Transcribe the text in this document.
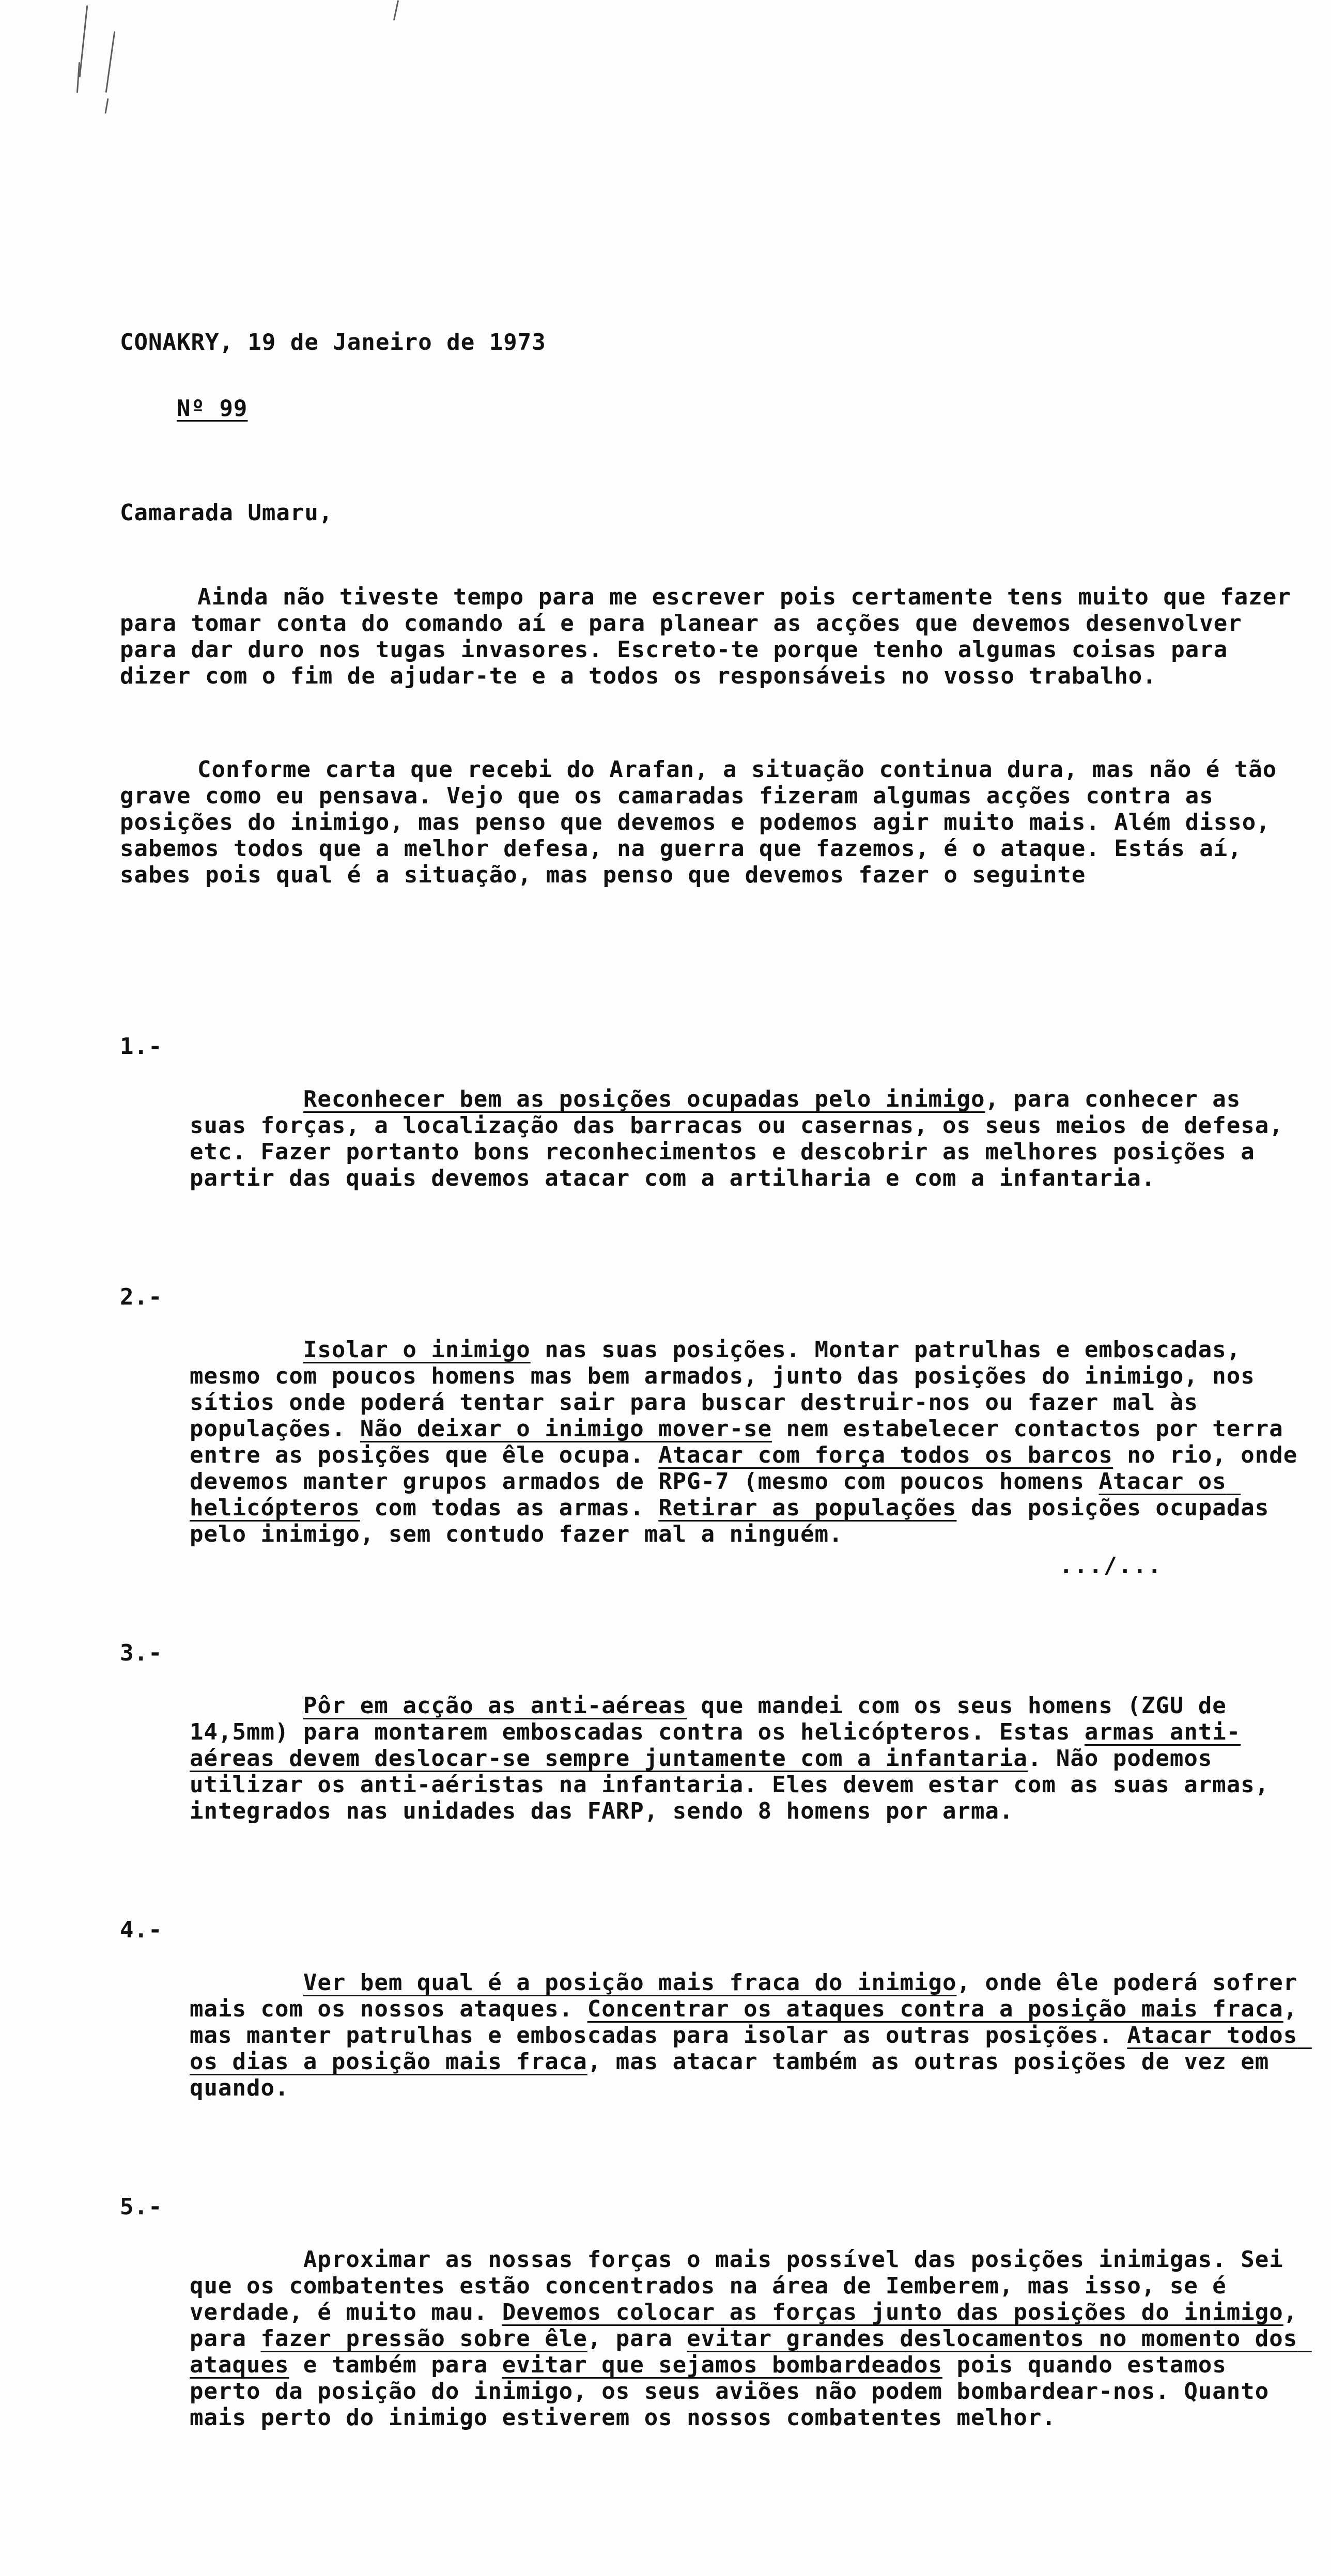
CONAKRY, 19 de Janeiro de 1973

Nº 99

Camarada Umaru,

Ainda não tiveste tempo para me escrever pois certamente tens muito que fazer para tomar conta do comando aí e para planear as acções que devemos desenvolver para dar duro nos tugas invasores. Escreto-te porque tenho algumas coisas para dizer com o fim de ajudar-te e a todos os responsáveis no vosso trabalho.

Conforme carta que recebi do Arafan, a situação continua dura, mas não é tão grave como eu pensava. Vejo que os camaradas fizeram algumas acções contra as posições do inimigo, mas penso que devemos e podemos agir muito mais. Além disso, sabemos todos que a melhor defesa, na guerra que fazemos, é o ataque. Estás aí, sabes pois qual é a situação, mas penso que devemos fazer o seguinte

1.-

Reconhecer bem as posições ocupadas pelo inimigo, para conhecer as suas forças, a localização das barracas ou casernas, os seus meios de defesa, etc. Fazer portanto bons reconhecimentos e descobrir as melhores posições a partir das quais devemos atacar com a artilharia e com a infantaria.

2.-

Isolar o inimigo nas suas posições. Montar patrulhas e emboscadas, mesmo com poucos homens mas bem armados, junto das posições do inimigo, nos sítios onde poderá tentar sair para buscar destruir-nos ou fazer mal às populações. Não deixar o inimigo mover-se nem estabelecer contactos por terra entre as posições que êle ocupa. Atacar com força todos os barcos no rio, onde devemos manter grupos armados de RPG-7 (mesmo com poucos homens Atacar os helicópteros com todas as armas. Retirar as populações das posições ocupadas pelo inimigo, sem contudo fazer mal a ninguém.

3.-

Pôr em acção as anti-aéreas que mandei com os seus homens (ZGU de 14,5mm) para montarem emboscadas contra os helicópteros. Estas armas anti-aéreas devem deslocar-se sempre juntamente com a infantaria. Não podemos utilizar os anti-aéristas na infantaria. Eles devem estar com as suas armas, integrados nas unidades das FARP, sendo 8 homens por arma.

4.-

Ver bem qual é a posição mais fraca do inimigo, onde êle poderá sofrer mais com os nossos ataques. Concentrar os ataques contra a posição mais fraca, mas manter patrulhas e emboscadas para isolar as outras posições. Atacar todos os dias a posição mais fraca, mas atacar também as outras posições de vez em quando.

5.-

Aproximar as nossas forças o mais possível das posições inimigas. Sei que os combatentes estão concentrados na área de Iemberem, mas isso, se é verdade, é muito mau. Devemos colocar as forças junto das posições do inimigo, para fazer pressão sobre êle, para evitar grandes deslocamentos no momento dos ataques e também para evitar que sejamos bombardeados pois quando estamos perto da posição do inimigo, os seus aviões não podem bombardear-nos. Quanto mais perto do inimigo estiverem os nossos combatentes melhor.

.../...
